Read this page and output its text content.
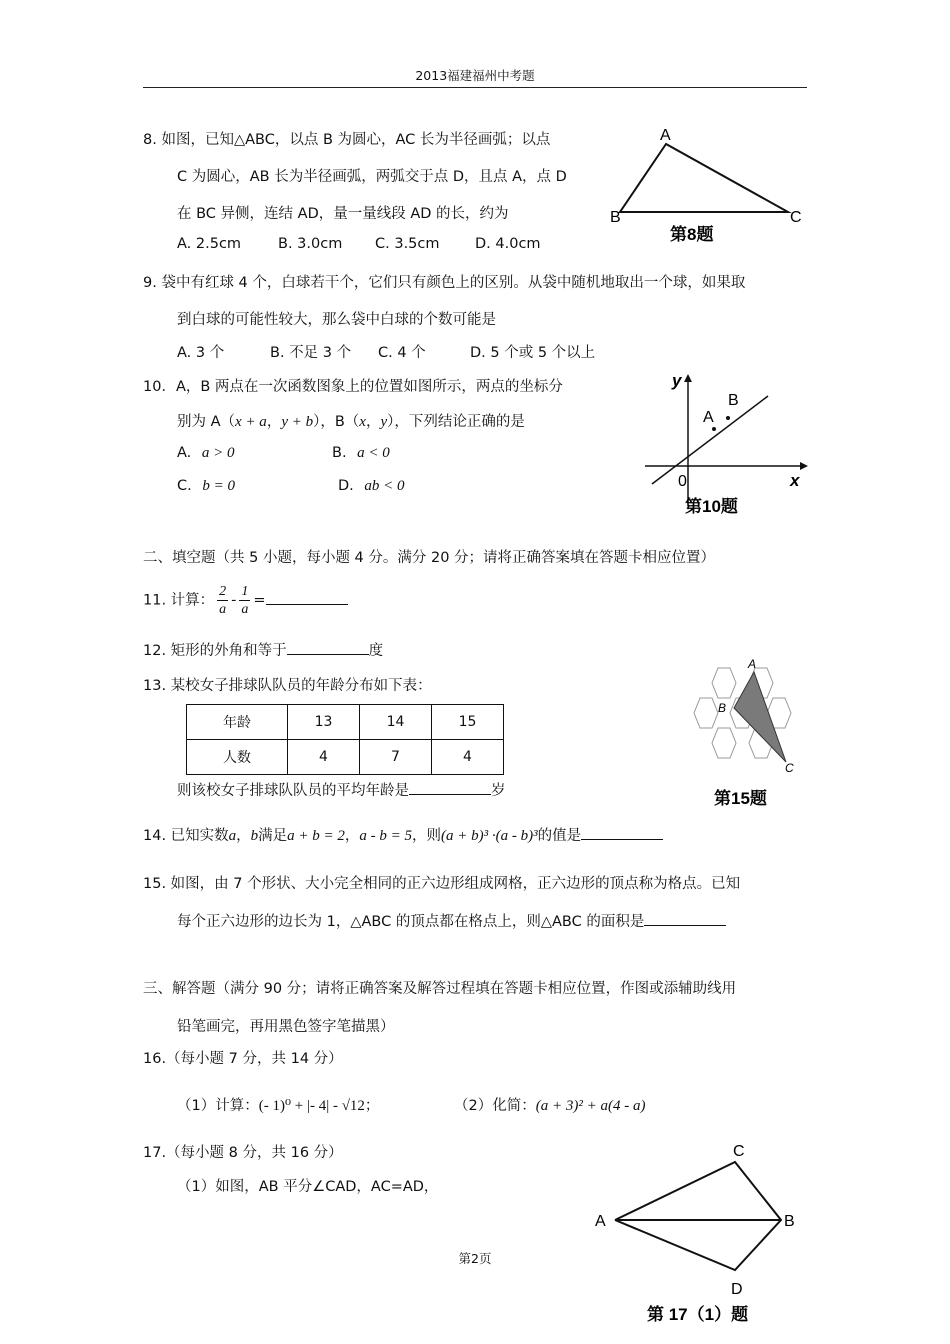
2013福建福州中考题
8. 如图，已知△ABC，以点 B 为圆心，AC 长为半径画弧；以点
C 为圆心，AB 长为半径画弧，两弧交于点 D，且点 A，点 D
在 BC 异侧，连结 AD，量一量线段 AD 的长，约为
A. 2.5cm	B. 3.0cm C. 3.5cm D. 4.0cm
A
B	C
第8题
9. 袋中有红球 4 个，白球若干个，它们只有颜色上的区别。从袋中随机地取出一个球，如果取
到白球的可能性较大，那么袋中白球的个数可能是
A. 3 个	B. 不足 3 个 C. 4 个	D. 5 个或 5 个以上
10．A，B 两点在一次函数图象上的位置如图所示，两点的坐标分
别为 A（x + a，y + b），B（x，y），下列结论正确的是
A. a > 0	B. a < 0
C. b = 0	D. ab < 0
y
x
0
A
B
第10题
二、填空题（共 5 小题，每小题 4 分。满分 20 分；请将正确答案填在答题卡相应位置）
11. 计算： $\frac{2}{a} - \frac{1}{a}$ =
12. 矩形的外角和等于	度
13. 某校女子排球队队员的年龄分布如下表：
年龄	13	14	15
人数	4	7	4
则该校女子排球队队员的平均年龄是	岁
A
B
C
第15题
14. 已知实数a，b满足a + b = 2，a - b = 5，则(a + b)³ ·(a - b)³的值是
15. 如图，由 7 个形状、大小完全相同的正六边形组成网格，正六边形的顶点称为格点。已知
每个正六边形的边长为 1，△ABC 的顶点都在格点上，则△ABC 的面积是
三、解答题（满分 90 分；请将正确答案及解答过程填在答题卡相应位置，作图或添辅助线用
铅笔画完，再用黑色签字笔描黑）
16.（每小题 7 分，共 14 分）
（1）计算：(- 1)⁰ + |- 4| - √12；	（2）化简：(a + 3)² + a(4 - a)
17.（每小题 8 分，共 16 分）
（1）如图，AB 平分∠CAD，AC=AD，
A	B
C
D
第 17（1）题
第2页
